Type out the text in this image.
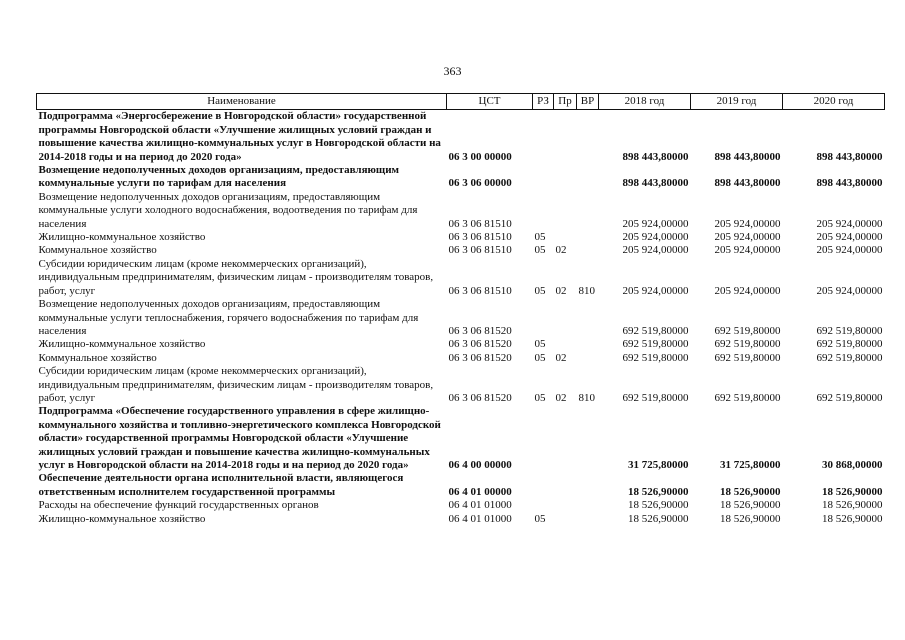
363
Наименование	ЦСТ	РЗ	Пр	ВР	2018 год	2019 год	2020 год
Подпрограмма «Энергосбережение в Новгородской области» государственной программы Новгородской области «Улучшение жилищных условий граждан и повышение качества жилищно-коммунальных услуг в Новгородской области на 2014-2018 годы и на период до 2020 года»	06 3 00 00000				898 443,80000	898 443,80000	898 443,80000
Возмещение недополученных доходов организациям, предоставляющим коммунальные услуги по тарифам для населения	06 3 06 00000				898 443,80000	898 443,80000	898 443,80000
Возмещение недополученных доходов организациям, предоставляющим коммунальные услуги холодного водоснабжения, водоотведения по тарифам для населения	06 3 06 81510				205 924,00000	205 924,00000	205 924,00000
Жилищно-коммунальное хозяйство	06 3 06 81510	05			205 924,00000	205 924,00000	205 924,00000
Коммунальное хозяйство	06 3 06 81510	05	02		205 924,00000	205 924,00000	205 924,00000
Субсидии юридическим лицам (кроме некоммерческих организаций), индивидуальным предпринимателям, физическим лицам - производителям товаров, работ, услуг	06 3 06 81510	05	02	810	205 924,00000	205 924,00000	205 924,00000
Возмещение недополученных доходов организациям, предоставляющим коммунальные услуги теплоснабжения, горячего водоснабжения по тарифам для населения	06 3 06 81520				692 519,80000	692 519,80000	692 519,80000
Жилищно-коммунальное хозяйство	06 3 06 81520	05			692 519,80000	692 519,80000	692 519,80000
Коммунальное хозяйство	06 3 06 81520	05	02		692 519,80000	692 519,80000	692 519,80000
Субсидии юридическим лицам (кроме некоммерческих организаций), индивидуальным предпринимателям, физическим лицам - производителям товаров, работ, услуг	06 3 06 81520	05	02	810	692 519,80000	692 519,80000	692 519,80000
Подпрограмма «Обеспечение государственного управления в сфере жилищно-коммунального хозяйства и топливно-энергетического комплекса Новгородской области» государственной программы Новгородской области «Улучшение жилищных условий граждан и повышение качества жилищно-коммунальных услуг в Новгородской области на 2014-2018 годы и на период до 2020 года»	06 4 00 00000				31 725,80000	31 725,80000	30 868,00000
Обеспечение деятельности органа исполнительной власти, являющегося ответственным исполнителем государственной программы	06 4 01 00000				18 526,90000	18 526,90000	18 526,90000
Расходы на обеспечение функций государственных органов	06 4 01 01000				18 526,90000	18 526,90000	18 526,90000
Жилищно-коммунальное хозяйство	06 4 01 01000	05			18 526,90000	18 526,90000	18 526,90000
